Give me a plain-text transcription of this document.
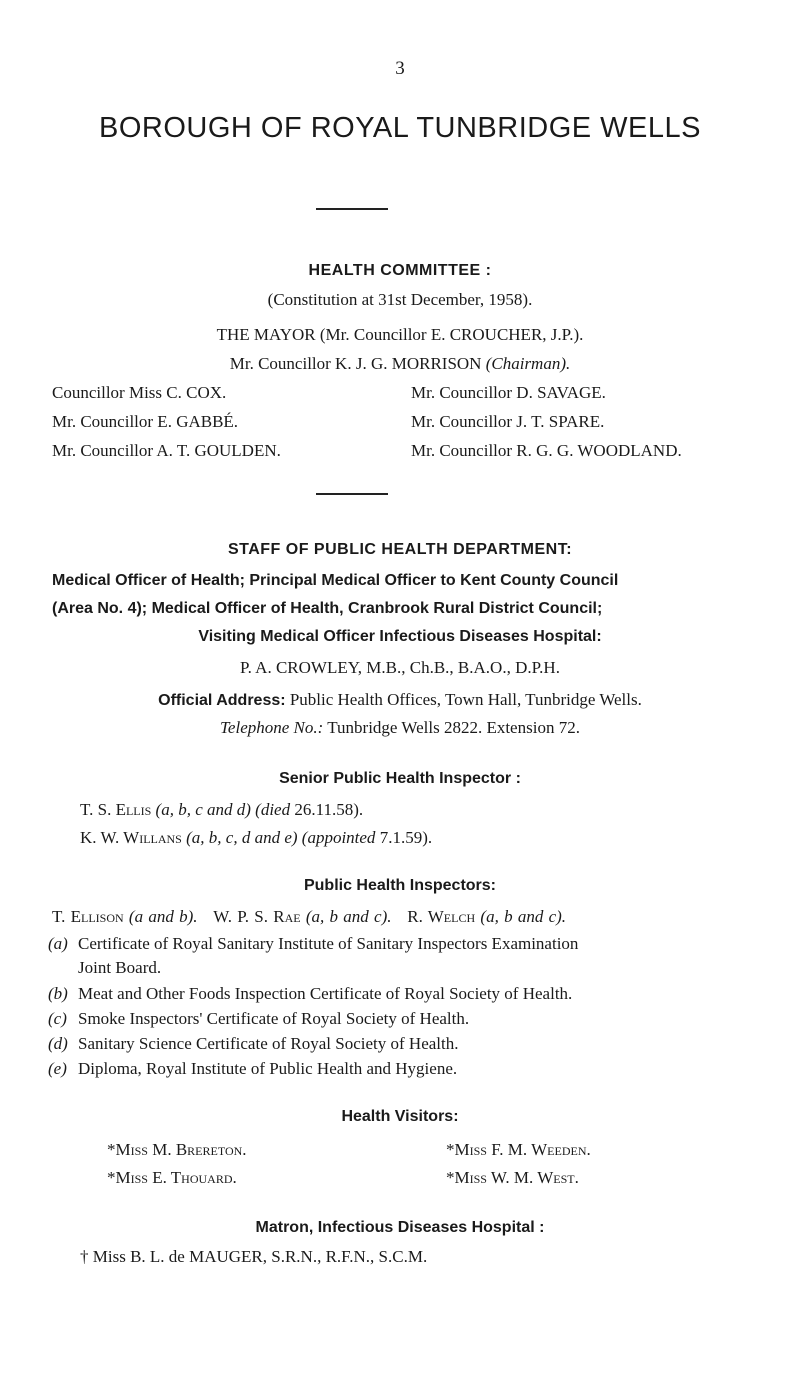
3
BOROUGH OF ROYAL TUNBRIDGE WELLS
HEALTH COMMITTEE :
(Constitution at 31st December, 1958).
THE MAYOR (Mr. Councillor E. CROUCHER, J.P.).
Mr. Councillor K. J. G. MORRISON (Chairman).
Councillor Miss C. COX.
Mr. Councillor E. GABBÉ.
Mr. Councillor A. T. GOULDEN.
Mr. Councillor D. SAVAGE.
Mr. Councillor J. T. SPARE.
Mr. Councillor R. G. G. WOODLAND.
STAFF OF PUBLIC HEALTH DEPARTMENT:
Medical Officer of Health; Principal Medical Officer to Kent County Council
(Area No. 4); Medical Officer of Health, Cranbrook Rural District Council;
Visiting Medical Officer Infectious Diseases Hospital:
P. A. CROWLEY, M.B., Ch.B., B.A.O., D.P.H.
Official Address: Public Health Offices, Town Hall, Tunbridge Wells.
Telephone No.: Tunbridge Wells 2822. Extension 72.
Senior Public Health Inspector :
T. S. Ellis (a, b, c and d) (died 26.11.58).
K. W. Willans (a, b, c, d and e) (appointed 7.1.59).
Public Health Inspectors:
T. Ellison (a and b). W. P. S. Rae (a, b and c). R. Welch (a, b and c).
(a) Certificate of Royal Sanitary Institute of Sanitary Inspectors Examination
Joint Board.
(b) Meat and Other Foods Inspection Certificate of Royal Society of Health.
(c) Smoke Inspectors' Certificate of Royal Society of Health.
(d) Sanitary Science Certificate of Royal Society of Health.
(e) Diploma, Royal Institute of Public Health and Hygiene.
Health Visitors:
*Miss M. Brereton.
*Miss E. Thouard.
*Miss F. M. Weeden.
*Miss W. M. West.
Matron, Infectious Diseases Hospital :
† Miss B. L. de MAUGER, S.R.N., R.F.N., S.C.M.
